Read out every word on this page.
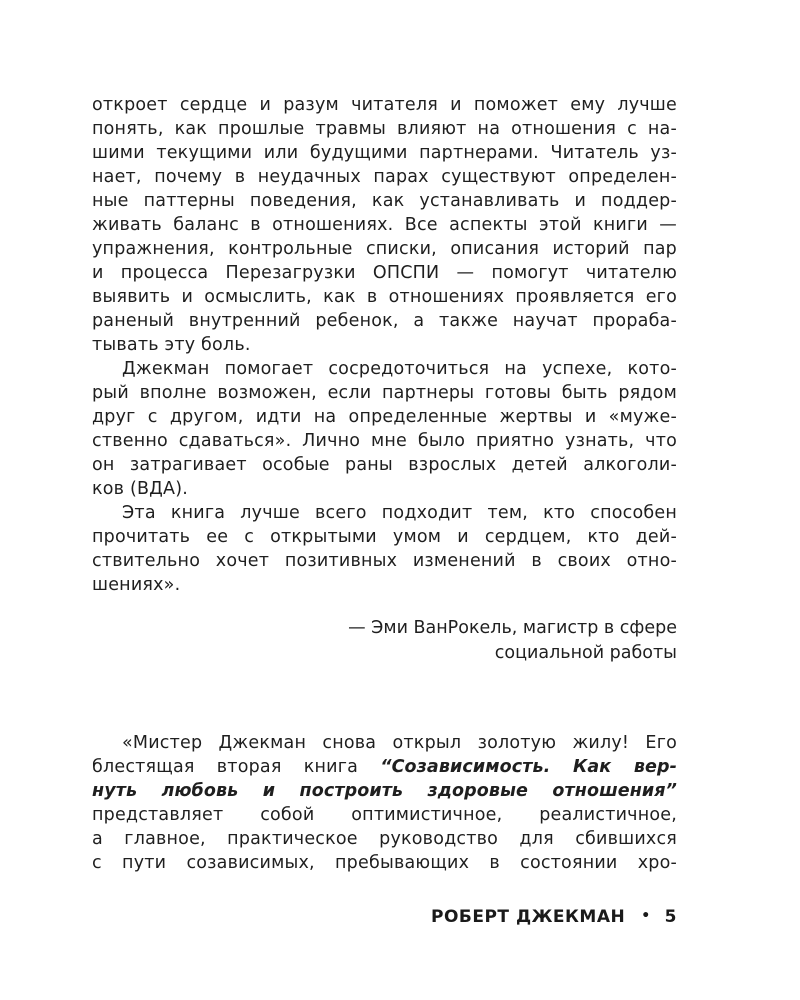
откроет сердце и разум читателя и поможет ему лучше
понять, как прошлые травмы влияют на отношения с на-
шими текущими или будущими партнерами. Читатель уз-
нает, почему в неудачных парах существуют определен-
ные паттерны поведения, как устанавливать и поддер-
живать баланс в отношениях. Все аспекты этой книги —
упражнения, контрольные списки, описания историй пар
и процесса Перезагрузки ОПСПИ — помогут читателю
выявить и осмыслить, как в отношениях проявляется его
раненый внутренний ребенок, а также научат прораба-
тывать эту боль.
Джекман помогает сосредоточиться на успехе, кото-
рый вполне возможен, если партнеры готовы быть рядом
друг с другом, идти на определенные жертвы и «муже-
ственно сдаваться». Лично мне было приятно узнать, что
он затрагивает особые раны взрослых детей алкоголи-
ков (ВДА).
Эта книга лучше всего подходит тем, кто способен
прочитать ее с открытыми умом и сердцем, кто дей-
ствительно хочет позитивных изменений в своих отно-
шениях».
— Эми ВанРокель, магистр в сфере
социальной работы
«Мистер Джекман снова открыл золотую жилу! Его
блестящая вторая книга “Созависимость. Как вер-
нуть любовь и построить здоровые отношения”
представляет собой оптимистичное, реалистичное,
а главное, практическое руководство для сбившихся
с пути созависимых, пребывающих в состоянии хро-
РОБЕРТ ДЖЕКМАН • 5
